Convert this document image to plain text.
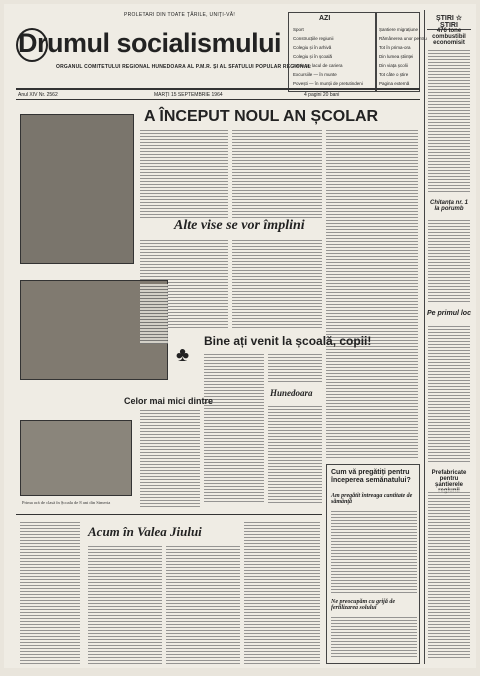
PROLETARI DIN TOATE ȚĂRILE, UNIȚI-VĂ!
Drumul socialismului
ORGANUL COMITETULUI REGIONAL HUNEDOARA AL P.M.R. ȘI AL SFATULUI POPULAR REGIONAL
AZI
Sport
Construcțiile regiunii
Colegiu și în arhivă
Colegiu și în școală
Sanie pe lacul de cariera
Excursiile — în munte
Povești — în munții de pretutindeni
Șantiere migrațiune
Rămânerea unor pentru
Tot în prima-ora
Din lumea științei
Din viața școlii
Tot câte o știre
Pagina externă
Anul XIV Nr. 2562	MARȚI 15 SEPTEMBRIE 1964	4 pagini 20 bani
ȘTIRI ☆ ȘTIRI
476 tone combustibil economisit
Chitanța nr. 1 la porumb
Pe primul loc
Prefabricate pentru șantierele
A ÎNCEPUT NOUL AN ȘCOLAR
Alte vise se vor împlini
♣
Bine ați venit la școală, copii!
Hunedoara
Celor mai mici dintre
Prima oră de clasă în Școala de 8 ani din Simeria
Cum vă pregătiți pentru începerea semănatului?
Am pregătit întreaga cantitate de sămânță
Ne preocupăm cu grijă de fertilizarea solului
Acum în Valea Jiului
